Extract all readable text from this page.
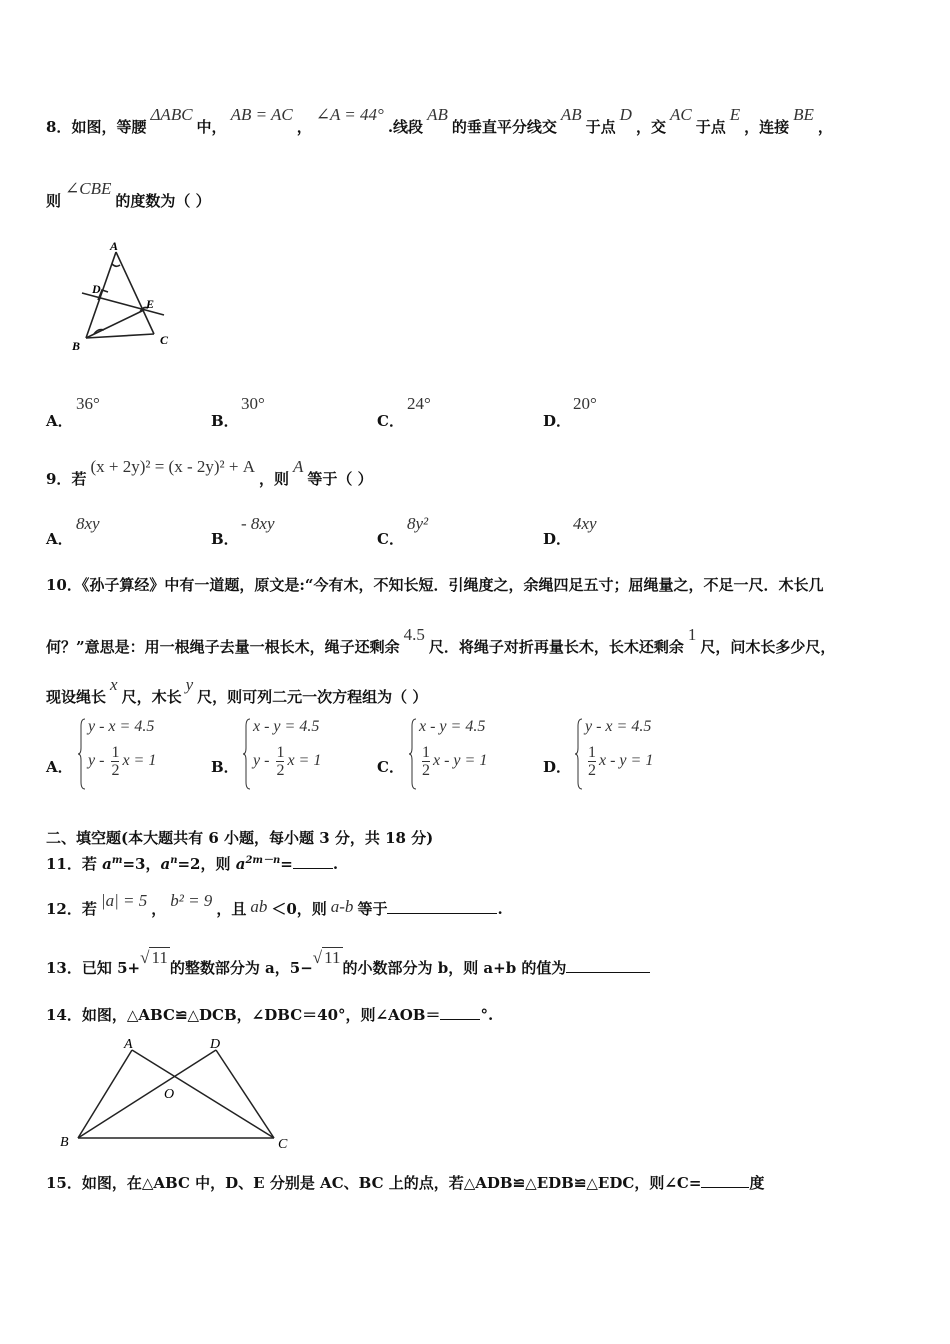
8．如图，等腰ΔABC中，AB = AC，∠A = 44°.线段AB的垂直平分线交AB于点D，交AC于点E，连接BE，
则∠CBE的度数为（ ）
A
D
E
B	C
A．
36°
B．
30°
C．
24°
D．
20°
9．若(x + 2y)² = (x - 2y)² + A，则A等于（ ）
A．
8xy
B．
- 8xy
C．
8y²
D．
4xy
10．《孙子算经》中有一道题，原文是:“今有木，不知长短．引绳度之，余绳四足五寸；屈绳量之，不足一尺．木长几
何？”意思是：用一根绳子去量一根长木，绳子还剩余4.5尺．将绳子对折再量长木，长木还剩余1尺，问木长多少尺，
现设绳长x尺，木长y尺，则可列二元一次方程组为（ ）
A．
y - x = 4.5
y - $\frac{1}{2}$ x = 1	B．
x - y = 4.5
y - $\frac{1}{2}$ x = 1	C．
x - y = 4.5
$\frac{1}{2}$ x - y = 1	D．
y - x = 4.5
$\frac{1}{2}$ x - y = 1
二、填空题(本大题共有 6 小题，每小题 3 分，共 18 分)
11．若 $a^m=3$，$a^n=2$，则 $a^{2m-n}=$	.
12．若 |a| = 5 ， b² = 9 ，且 ab ＜0，则 a-b 等于	.
13．已知 5+√ 11的整数部分为 a，5−√ 11的小数部分为 b，则 a+b 的值为
14．如图，△ABC≌△DCB，∠DBC＝40°，则∠AOB＝	°.
A	D
O
B	C
15．如图，在△ABC 中，D、E 分别是 AC、BC 上的点，若△ADB≌△EDB≌△EDC，则∠C=	度
